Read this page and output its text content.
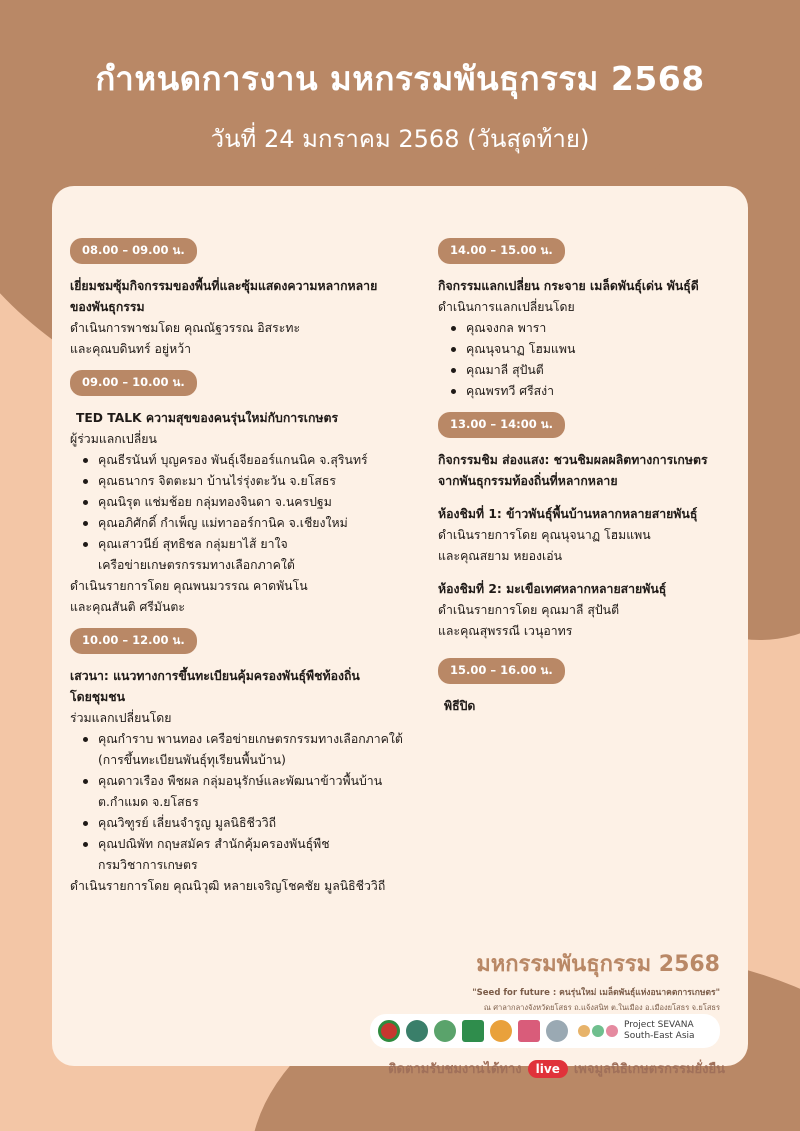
กำหนดการงาน มหกรรมพันธุกรรม 2568
วันที่ 24 มกราคม 2568 (วันสุดท้าย)
08.00 – 09.00 น.
เยี่ยมชมซุ้มกิจกรรมของพื้นที่และซุ้มแสดงความหลากหลาย
ของพันธุกรรม
ดำเนินการพาชมโดย คุณณัฐวรรณ อิสระทะ
และคุณบดินทร์ อยู่หว้า
09.00 – 10.00 น.
TED TALK ความสุขของคนรุ่นใหม่กับการเกษตร
ผู้ร่วมแลกเปลี่ยน
คุณธีรนันท์ บุญครอง พันธุ์เจียออร์แกนนิค จ.สุรินทร์
คุณธนากร จิตตะมา บ้านไร่รุ่งตะวัน จ.ยโสธร
คุณนิรุต แช่มช้อย กลุ่มทองจินดา จ.นครปฐม
คุณอภิศักดิ์ กำเพ็ญ แม่ทาออร์กานิค จ.เชียงใหม่
คุณเสาวนีย์ สุทธิชล กลุ่มยาไส้ ยาใจ
เครือข่ายเกษตรกรรมทางเลือกภาคใต้
ดำเนินรายการโดย คุณพนมวรรณ คาดพันโน
และคุณสันติ ศรีมันตะ
10.00 – 12.00 น.
เสวนา: แนวทางการขึ้นทะเบียนคุ้มครองพันธุ์พืชท้องถิ่น
โดยชุมชน
ร่วมแลกเปลี่ยนโดย
คุณกำราบ พานทอง เครือข่ายเกษตรกรรมทางเลือกภาคใต้
(การขึ้นทะเบียนพันธุ์ทุเรียนพื้นบ้าน)
คุณดาวเรือง พืชผล กลุ่มอนุรักษ์และพัฒนาข้าวพื้นบ้าน
ต.กำแมด จ.ยโสธร
คุณวิฑูรย์ เลี่ยนจำรูญ มูลนิธิชีววิถี
คุณปณิพัท กฤษสมัคร สำนักคุ้มครองพันธุ์พืช
กรมวิชาการเกษตร
ดำเนินรายการโดย คุณนิวุฒิ หลายเจริญโชคชัย มูลนิธิชีววิถี
14.00 – 15.00 น.
กิจกรรมแลกเปลี่ยน กระจาย เมล็ดพันธุ์เด่น พันธุ์ดี
ดำเนินการแลกเปลี่ยนโดย
คุณจงกล พารา
คุณนุจนาฏ โฮมแพน
คุณมาลี สุปันตี
คุณพรทวี ศรีสง่า
13.00 – 14:00 น.
กิจกรรมชิม ส่องแสง: ชวนชิมผลผลิตทางการเกษตร
จากพันธุกรรมท้องถิ่นที่หลากหลาย
ห้องชิมที่ 1: ข้าวพันธุ์พื้นบ้านหลากหลายสายพันธุ์
ดำเนินรายการโดย คุณนุจนาฏ โฮมแพน
และคุณสยาม หยองเอ่น
ห้องชิมที่ 2: มะเขือเทศหลากหลายสายพันธุ์
ดำเนินรายการโดย คุณมาลี สุปันตี
และคุณสุพรรณี เวนุอาทร
15.00 – 16.00 น.
พิธีปิด
มหกรรมพันธุกรรม 2568
"Seed for future : คนรุ่นใหม่ เมล็ดพันธุ์แห่งอนาคตการเกษตร"
ณ ศาลากลางจังหวัดยโสธร ถ.แจ้งสนิท ต.ในเมือง อ.เมืองยโสธร จ.ยโสธร
Project SEVANA
South-East Asia
ติดตามรับชมงานได้ทาง	live	เพจมูลนิธิเกษตรกรรมยั่งยืน
